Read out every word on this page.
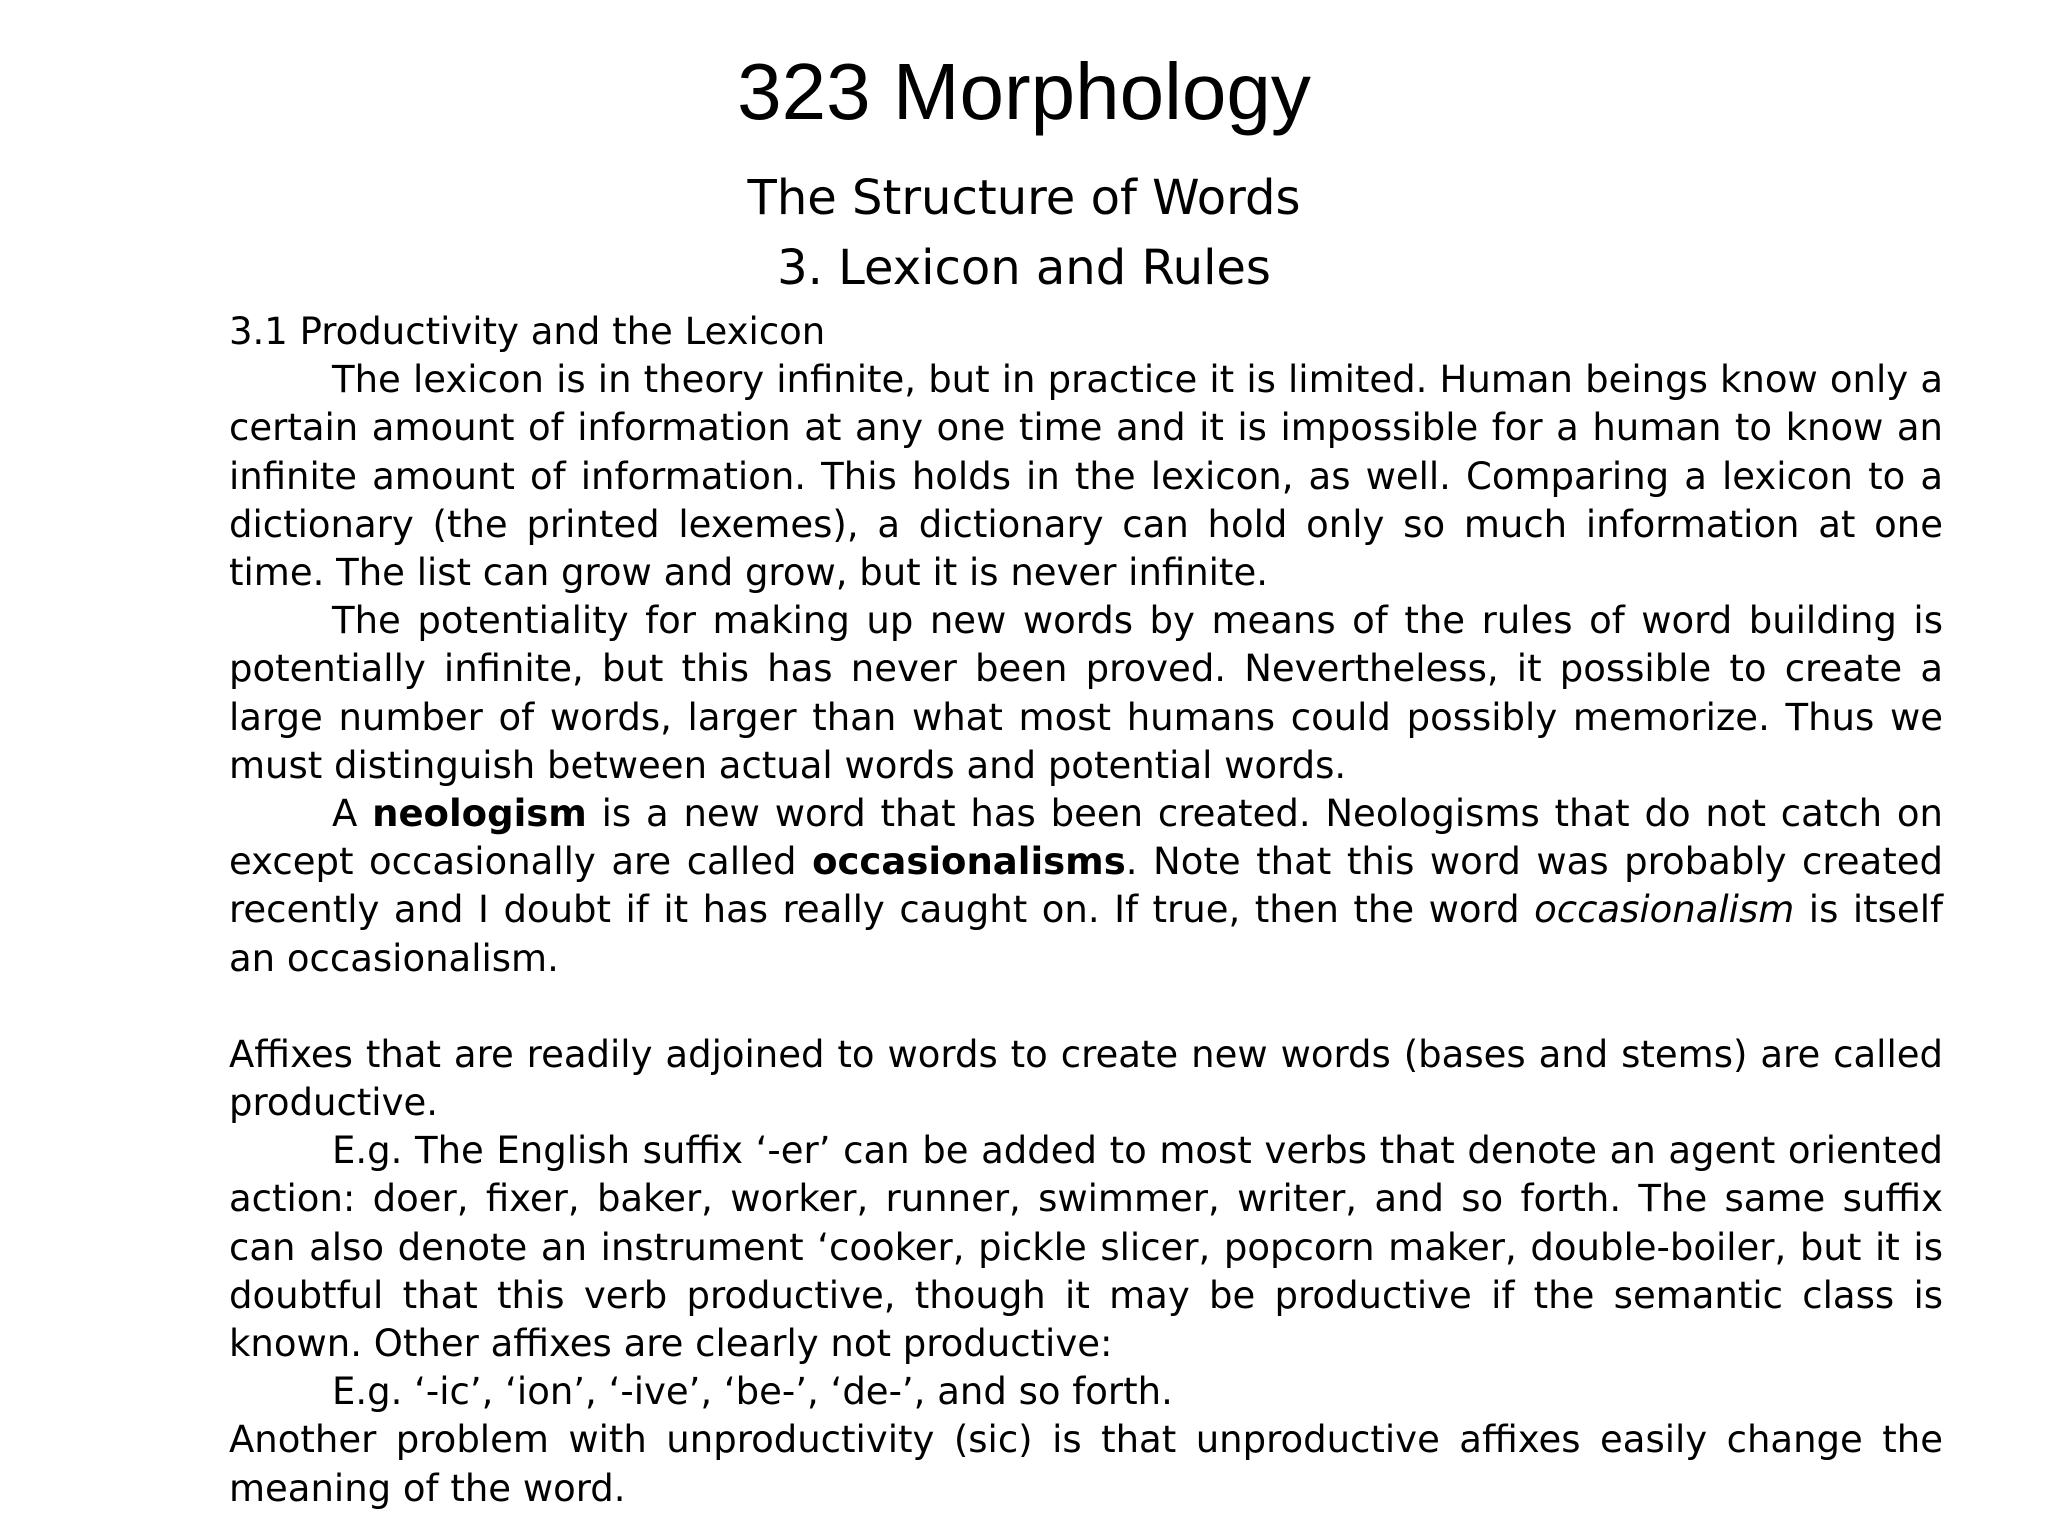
323 Morphology
The Structure of Words
3. Lexicon and Rules

3.1 Productivity and the Lexicon

The lexicon is in theory infinite, but in practice it is limited. Human beings know only a certain amount of information at any one time and it is impossible for a human to know an infinite amount of information. This holds in the lexicon, as well. Comparing a lexicon to a dictionary (the printed lexemes), a dictionary can hold only so much information at one time. The list can grow and grow, but it is never infinite.

The potentiality for making up new words by means of the rules of word building is potentially infinite, but this has never been proved. Nevertheless, it possible to create a large number of words, larger than what most humans could possibly memorize. Thus we must distinguish between actual words and potential words.

A neologism is a new word that has been created. Neologisms that do not catch on except occasionally are called occasionalisms. Note that this word was probably created recently and I doubt if it has really caught on. If true, then the word occasionalism is itself an occasionalism.

Affixes that are readily adjoined to words to create new words (bases and stems) are called productive.

E.g. The English suffix ‘-er’ can be added to most verbs that denote an agent oriented action: doer, fixer, baker, worker, runner, swimmer, writer, and so forth. The same suffix can also denote an instrument ‘cooker, pickle slicer, popcorn maker, double-boiler, but it is doubtful that this verb productive, though it may be productive if the semantic class is known. Other affixes are clearly not productive:

E.g. ‘-ic’, ‘ion’, ‘-ive’, ‘be-’, ‘de-’, and so forth.

Another problem with unproductivity (sic) is that unproductive affixes easily change the meaning of the word.
